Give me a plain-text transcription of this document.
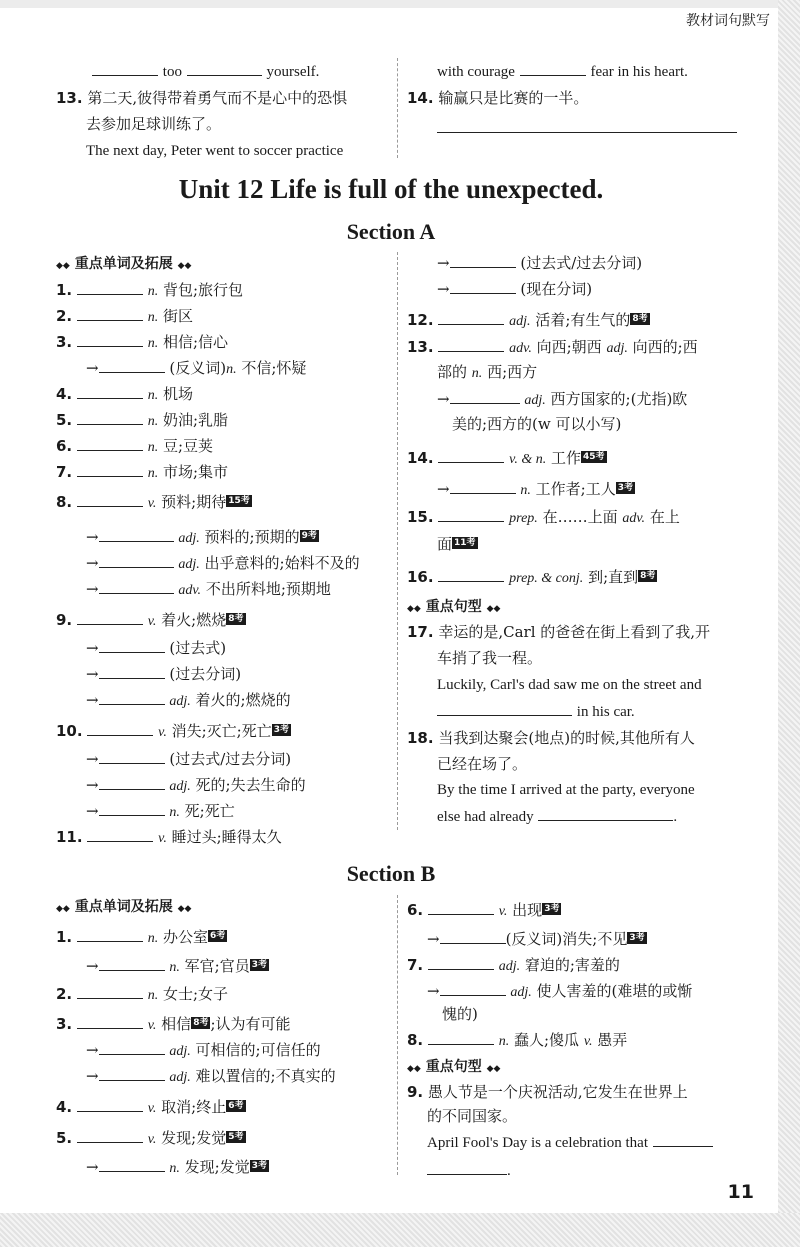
教材词句默写
too	yourself.
13. 第二天,彼得带着勇气而不是心中的恐惧
去参加足球训练了。
The next day, Peter went to soccer practice
with courage	fear in his heart.
14. 输赢只是比赛的一半。
Unit 12 Life is full of the unexpected.
Section A
◆◆ 重点单词及拓展 ◆◆
1.	n. 背包;旅行包
2.	n. 街区
3.	n. 相信;信心
→	(反义词)n. 不信;怀疑
4.	n. 机场
5.	n. 奶油;乳脂
6.	n. 豆;豆荚
7.	n. 市场;集市
8.	v. 预料;期待 15考
→	adj. 预料的;预期的 9考
→	adj. 出乎意料的;始料不及的
→	adv. 不出所料地;预期地
9.	v. 着火;燃烧 8考
→	(过去式)
→	(过去分词)
→	adj. 着火的;燃烧的
10.	v. 消失;灭亡;死亡 3考
→	(过去式/过去分词)
→	adj. 死的;失去生命的
→	n. 死;死亡
11.	v. 睡过头;睡得太久
→	(过去式/过去分词)
→	(现在分词)
12.	adj. 活着;有生气的 8考
13.	adv. 向西;朝西 adj. 向西的;西
部的 n. 西;西方
→	adj. 西方国家的;(尤指)欧
美的;西方的(w 可以小写)
14.	v. & n. 工作 45考
→	n. 工作者;工人 3考
15.	prep. 在……上面 adv. 在上
面 11考
16.	prep. & conj. 到;直到 8考
◆◆ 重点句型 ◆◆
17. 幸运的是,Carl 的爸爸在街上看到了我,开
车捎了我一程。
Luckily, Carl's dad saw me on the street and
in his car.
18. 当我到达聚会(地点)的时候,其他所有人
已经在场了。
By the time I arrived at the party, everyone
else had already	.
Section B
◆◆ 重点单词及拓展 ◆◆
1.	n. 办公室 6考
→	n. 军官;官员 3考
2.	n. 女士;女子
3.	v. 相信 8考 ;认为有可能
→	adj. 可相信的;可信任的
→	adj. 难以置信的;不真实的
4.	v. 取消;终止 6考
5.	v. 发现;发觉 5考
→	n. 发现;发觉 3考
6.	v. 出现 3考
→	(反义词)消失;不见 3考
7.	adj. 窘迫的;害羞的
→	adj. 使人害羞的(难堪的或惭
愧的)
8.	n. 蠢人;傻瓜 v. 愚弄
◆◆ 重点句型 ◆◆
9. 愚人节是一个庆祝活动,它发生在世界上
的不同国家。
April Fool's Day is a celebration that
.
11
